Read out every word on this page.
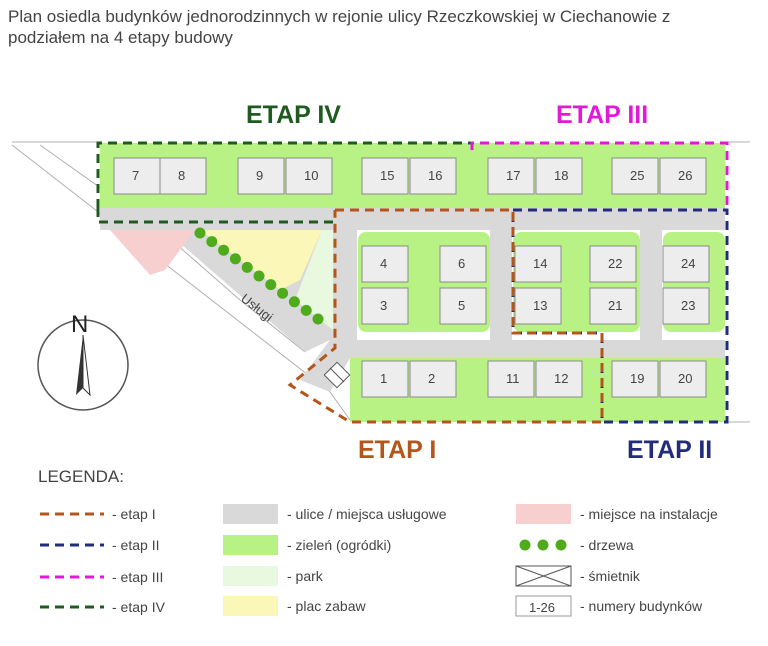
Plan osiedla budynków jednorodzinnych w rejonie ulicy Rzeczkowskiej w Ciechanowie z podziałem na 4 etapy budowy
Usługi
7	8	9	10	15	16	17	18	25	26
4
3
6
5
14
13
22
21
24
23
1	2	11	12	19	20
N
1-26
ETAP IV	ETAP III
ETAP I	ETAP II
LEGENDA:
- etap I
- etap II
- etap III
- etap IV
- ulice / miejsca usługowe
- zieleń (ogródki)
- park
- plac zabaw
- miejsce na instalacje
- drzewa
- śmietnik
- numery budynków
